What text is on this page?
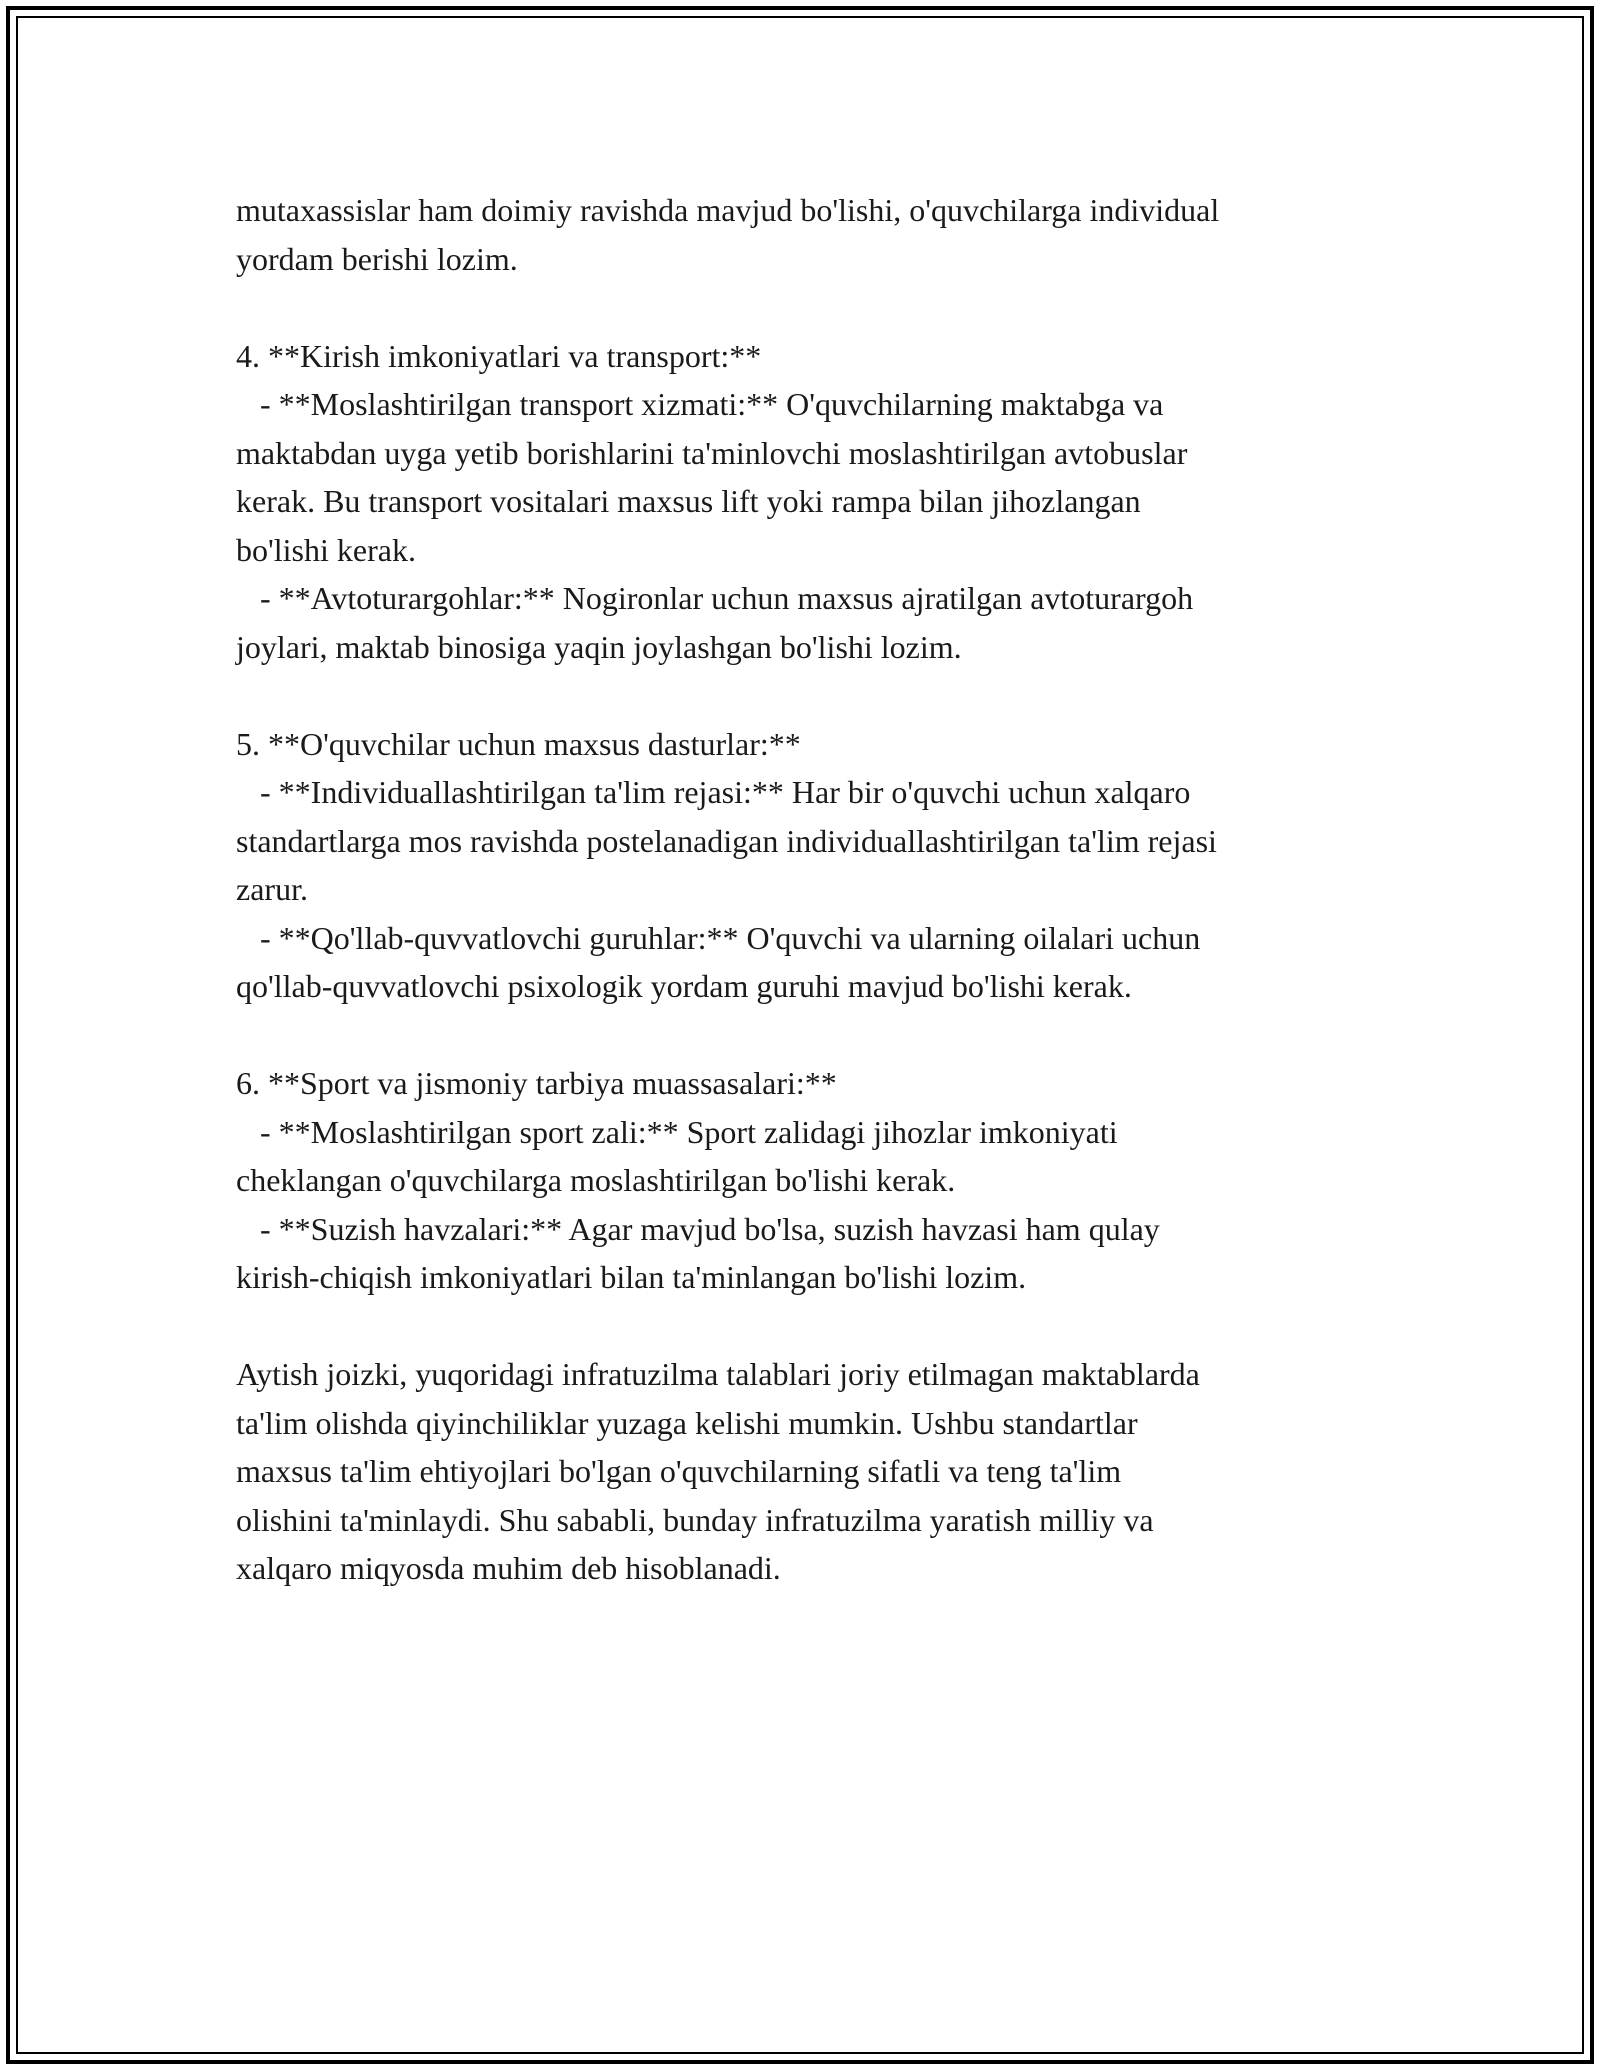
mutaxassislar ham doimiy ravishda mavjud bo'lishi, o'quvchilarga individual
yordam berishi lozim.
4. **Kirish imkoniyatlari va transport:**
- **Moslashtirilgan transport xizmati:** O'quvchilarning maktabga va
maktabdan uyga yetib borishlarini ta'minlovchi moslashtirilgan avtobuslar
kerak. Bu transport vositalari maxsus lift yoki rampa bilan jihozlangan
bo'lishi kerak.
- **Avtoturargohlar:** Nogironlar uchun maxsus ajratilgan avtoturargoh
joylari, maktab binosiga yaqin joylashgan bo'lishi lozim.
5. **O'quvchilar uchun maxsus dasturlar:**
- **Individuallashtirilgan ta'lim rejasi:** Har bir o'quvchi uchun xalqaro
standartlarga mos ravishda postelanadigan individuallashtirilgan ta'lim rejasi
zarur.
- **Qo'llab-quvvatlovchi guruhlar:** O'quvchi va ularning oilalari uchun
qo'llab-quvvatlovchi psixologik yordam guruhi mavjud bo'lishi kerak.
6. **Sport va jismoniy tarbiya muassasalari:**
- **Moslashtirilgan sport zali:** Sport zalidagi jihozlar imkoniyati
cheklangan o'quvchilarga moslashtirilgan bo'lishi kerak.
- **Suzish havzalari:** Agar mavjud bo'lsa, suzish havzasi ham qulay
kirish-chiqish imkoniyatlari bilan ta'minlangan bo'lishi lozim.
Aytish joizki, yuqoridagi infratuzilma talablari joriy etilmagan maktablarda
ta'lim olishda qiyinchiliklar yuzaga kelishi mumkin. Ushbu standartlar
maxsus ta'lim ehtiyojlari bo'lgan o'quvchilarning sifatli va teng ta'lim
olishini ta'minlaydi. Shu sababli, bunday infratuzilma yaratish milliy va
xalqaro miqyosda muhim deb hisoblanadi.
